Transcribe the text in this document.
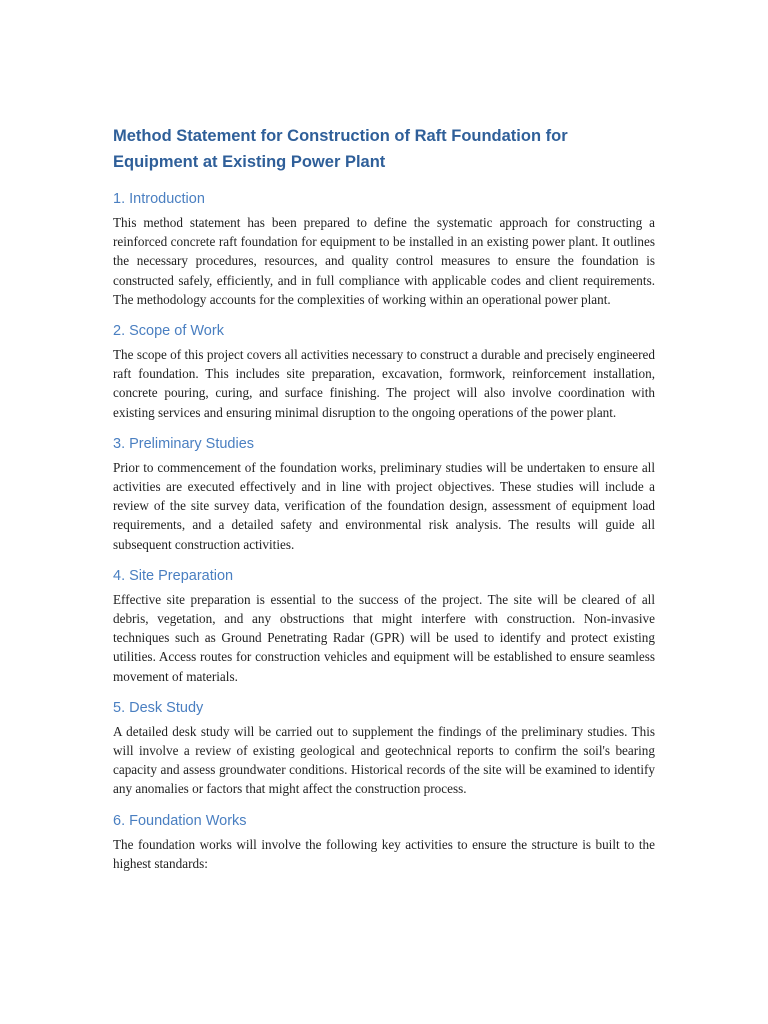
Method Statement for Construction of Raft Foundation for Equipment at Existing Power Plant
1. Introduction

This method statement has been prepared to define the systematic approach for constructing a reinforced concrete raft foundation for equipment to be installed in an existing power plant. It outlines the necessary procedures, resources, and quality control measures to ensure the foundation is constructed safely, efficiently, and in full compliance with applicable codes and client requirements. The methodology accounts for the complexities of working within an operational power plant.

2. Scope of Work

The scope of this project covers all activities necessary to construct a durable and precisely engineered raft foundation. This includes site preparation, excavation, formwork, reinforcement installation, concrete pouring, curing, and surface finishing. The project will also involve coordination with existing services and ensuring minimal disruption to the ongoing operations of the power plant.

3. Preliminary Studies

Prior to commencement of the foundation works, preliminary studies will be undertaken to ensure all activities are executed effectively and in line with project objectives. These studies will include a review of the site survey data, verification of the foundation design, assessment of equipment load requirements, and a detailed safety and environmental risk analysis. The results will guide all subsequent construction activities.

4. Site Preparation

Effective site preparation is essential to the success of the project. The site will be cleared of all debris, vegetation, and any obstructions that might interfere with construction. Non-invasive techniques such as Ground Penetrating Radar (GPR) will be used to identify and protect existing utilities. Access routes for construction vehicles and equipment will be established to ensure seamless movement of materials.

5. Desk Study

A detailed desk study will be carried out to supplement the findings of the preliminary studies. This will involve a review of existing geological and geotechnical reports to confirm the soil's bearing capacity and assess groundwater conditions. Historical records of the site will be examined to identify any anomalies or factors that might affect the construction process.

6. Foundation Works

The foundation works will involve the following key activities to ensure the structure is built to the highest standards:
